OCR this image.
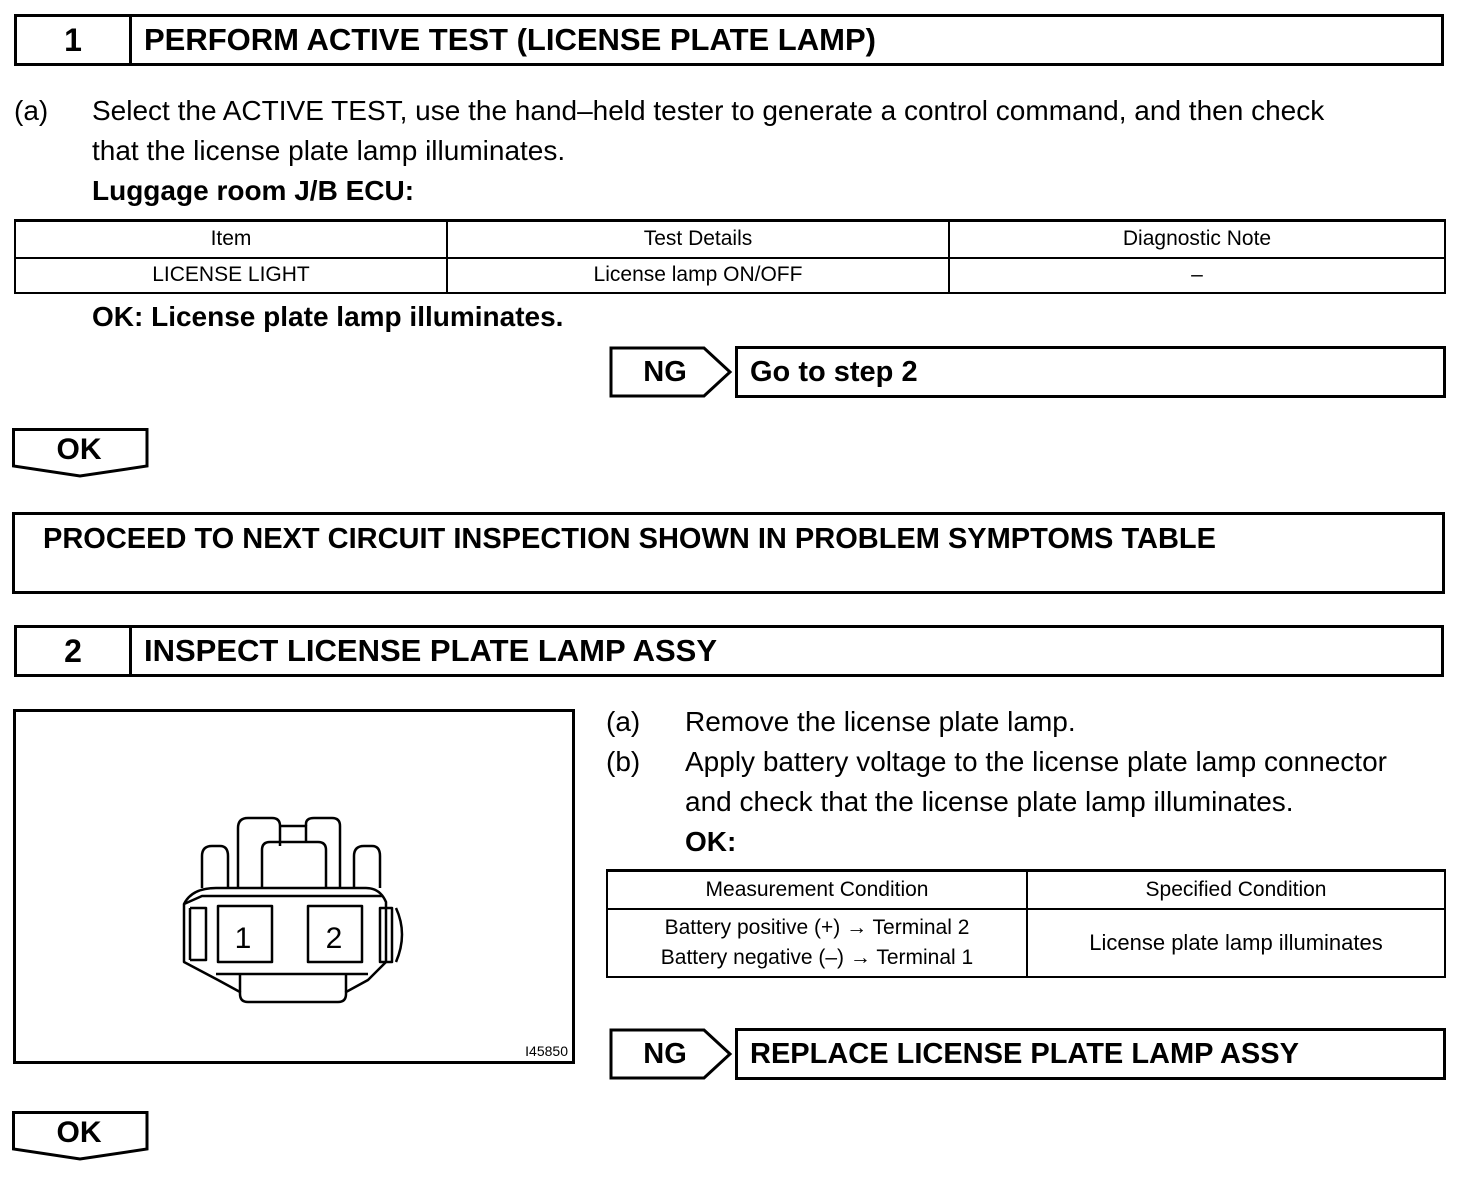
1	PERFORM ACTIVE TEST (LICENSE PLATE LAMP)
(a) Select the ACTIVE TEST, use the hand–held tester to generate a control command, and then check
that the license plate lamp illuminates.
Luggage room J/B ECU:
Item	Test Details	Diagnostic Note
LICENSE LIGHT	License lamp ON/OFF	–
OK: License plate lamp illuminates.
NG	Go to step 2
OK
PROCEED TO NEXT CIRCUIT INSPECTION SHOWN IN PROBLEM SYMPTOMS TABLE
2	INSPECT LICENSE PLATE LAMP ASSY
1 2
I45850
(a) Remove the license plate lamp.
(b) Apply battery voltage to the license plate lamp connector
and check that the license plate lamp illuminates.
OK:
Measurement Condition	Specified Condition

Battery positive (+) → Terminal 2
Battery negative (–) → Terminal 1	License plate lamp illuminates
NG	REPLACE LICENSE PLATE LAMP ASSY
OK
